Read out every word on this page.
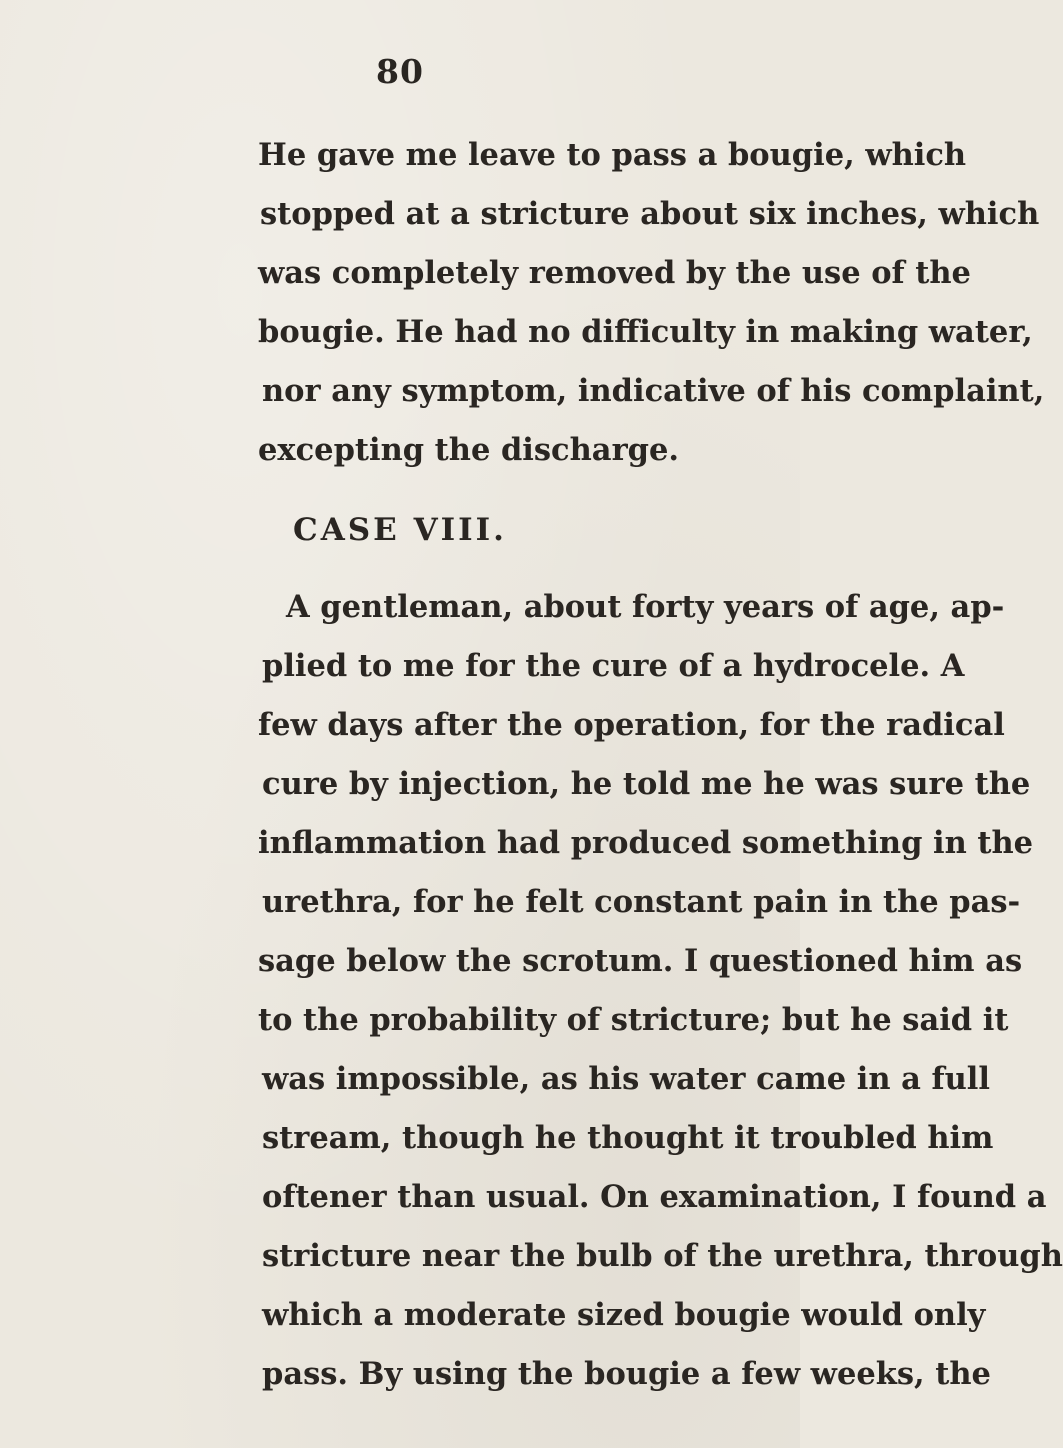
80
He gave me leave to pass a bougie, which
stopped at a stricture about six inches, which
was completely removed by the use of the
bougie. He had no difficulty in making water,
nor any symptom, indicative of his complaint,
excepting the discharge.
CASE VIII.
A gentleman, about forty years of age, ap-
plied to me for the cure of a hydrocele. A
few days after the operation, for the radical
cure by injection, he told me he was sure the
inflammation had produced something in the
urethra, for he felt constant pain in the pas-
sage below the scrotum. I questioned him as
to the probability of stricture; but he said it
was impossible, as his water came in a full
stream, though he thought it troubled him
oftener than usual. On examination, I found a
stricture near the bulb of the urethra, through
which a moderate sized bougie would only
pass. By using the bougie a few weeks, the
